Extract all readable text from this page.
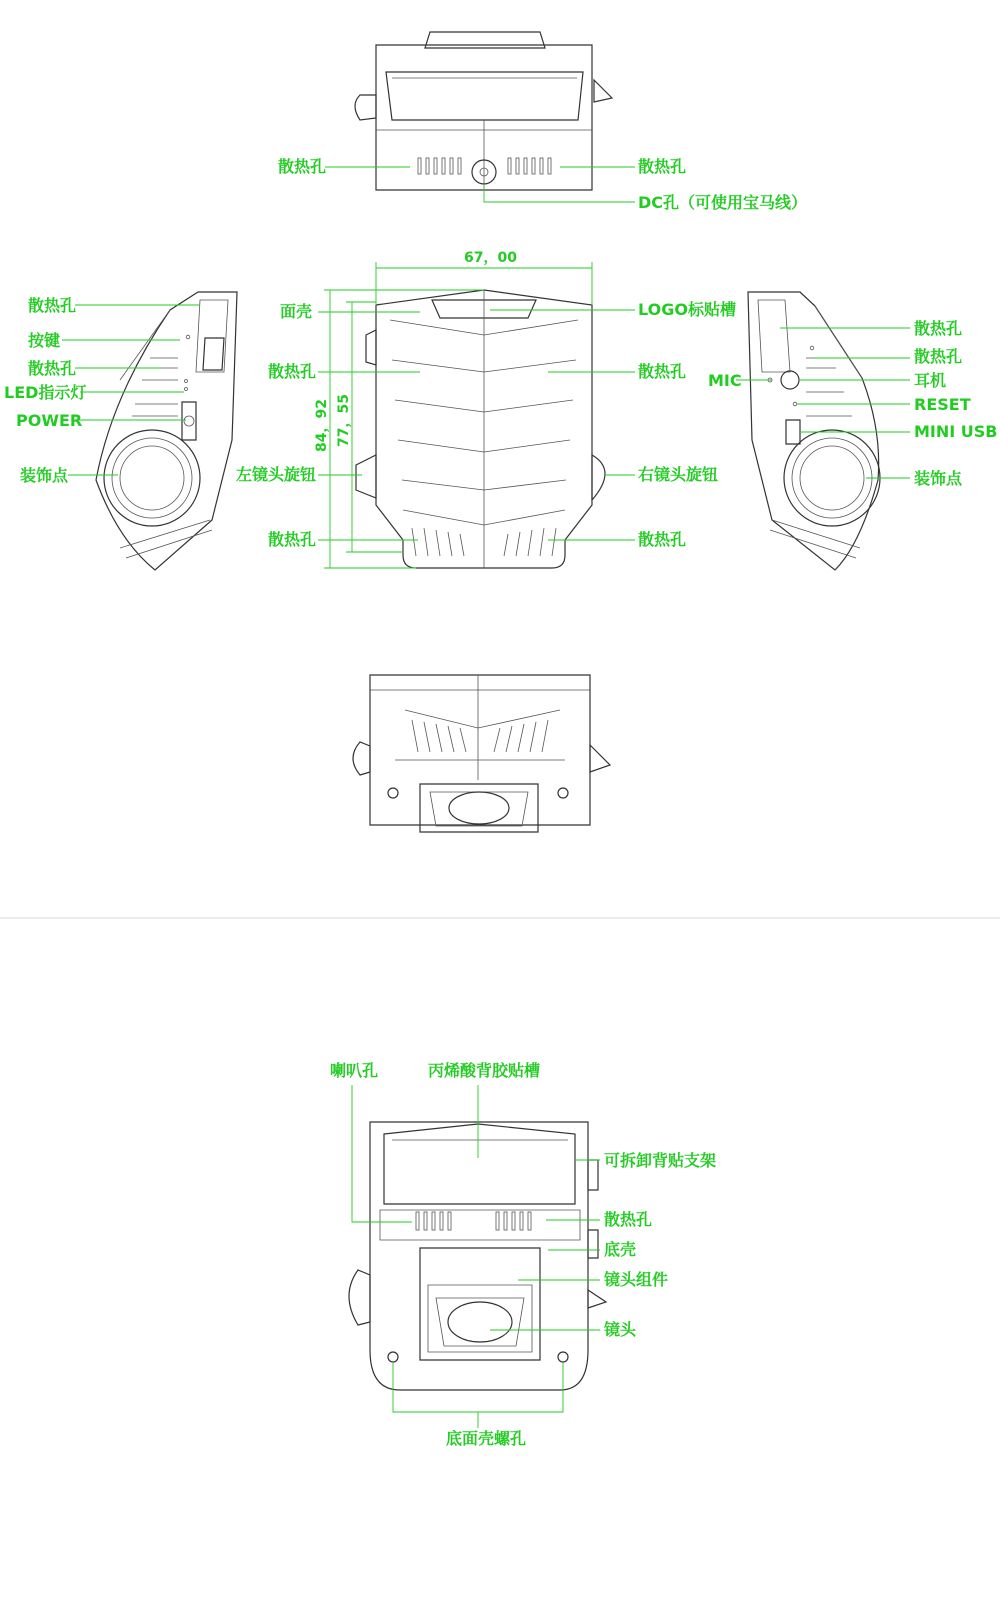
散热孔	散热孔
DC孔（可使用宝马线）
67，00
84，92 77，55
面壳	LOGO标贴槽
散热孔	散热孔
左镜头旋钮	右镜头旋钮
散热孔	散热孔
散热孔
按键
散热孔
LED指示灯
POWER
装饰点
散热孔
散热孔
MIC	耳机
RESET
MINI USB
装饰点
喇叭孔	丙烯酸背胶贴槽
可拆卸背贴支架
散热孔
底壳
镜头组件
镜头
底面壳螺孔
